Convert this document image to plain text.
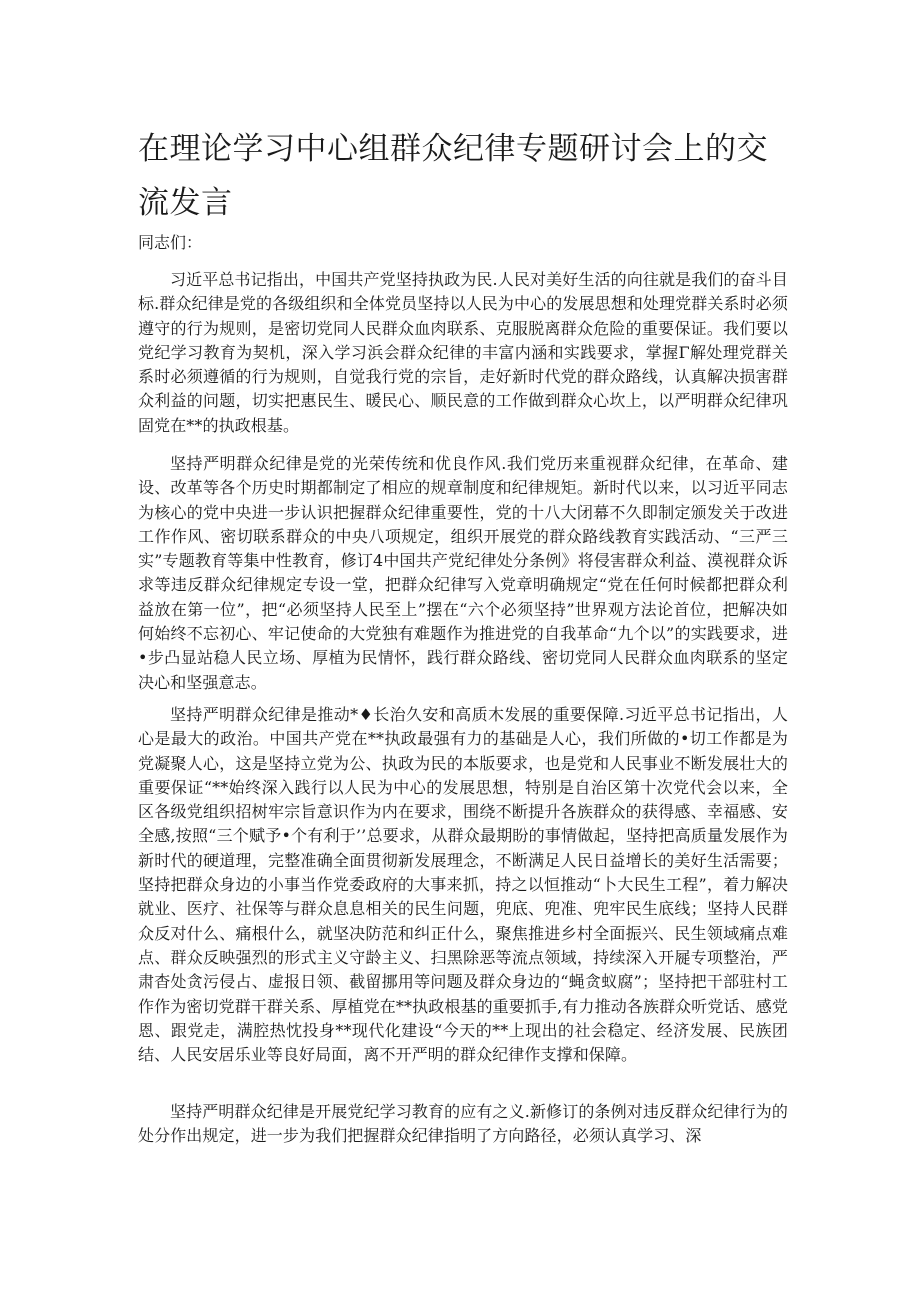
在理论学习中心组群众纪律专题研讨会上的交流发言

同志们：

习近平总书记指出，中国共产党坚持执政为民.人民对美好生活的向往就是我们的奋斗目标.群众纪律是党的各级组织和全体党员坚持以人民为中心的发展思想和处理党群关系时必须遵守的行为规则，是密切党同人民群众血肉联系、克服脱离群众危险的重要保证。我们要以党纪学习教育为契机，深入学习浜会群众纪律的丰富内涵和实践要求，掌握Γ解处理党群关系时必须遵循的行为规则，自觉我行党的宗旨，走好新时代党的群众路线，认真解决损害群众利益的问题，切实把惠民生、暖民心、顺民意的工作做到群众心坎上，以严明群众纪律巩固党在**的执政根基。

坚持严明群众纪律是党的光荣传统和优良作风.我们党历来重视群众纪律，在革命、建设、改革等各个历史时期都制定了相应的规章制度和纪律规矩。新时代以来，以习近平同志为核心的党中央进一步认识把握群众纪律重要性，党的十八大闭幕不久即制定颁发关于改进工作作风、密切联系群众的中央八项规定，组织开展党的群众路线教育实践活动、“三严三实”专题教育等集中性教育，修订4中国共产党纪律处分条例》将侵害群众利益、漠视群众诉求等违反群众纪律规定专设一堂，把群众纪律写入党章明确规定“党在任何时候都把群众利益放在第一位”，把“必须坚持人民至上”摆在“六个必须坚持”世界观方法论首位，把解决如何始终不忘初心、牢记使命的大党独有难题作为推进党的自我革命“九个以”的实践要求，进•步凸显站稳人民立场、厚植为民情怀，践行群众路线、密切党同人民群众血肉联系的坚定决心和坚强意志。

坚持严明群众纪律是推动*♦长治久安和高质木发展的重要保障.习近平总书记指出，人心是最大的政治。中国共产党在**执政最强有力的基础是人心，我们所做的•切工作都是为党凝聚人心，这是坚持立党为公、执政为民的本版要求，也是党和人民事业不断发展壮大的重要保证“**始终深入践行以人民为中心的发展思想，特别是自治区第十次党代会以来，全区各级党组织招树牢宗旨意识作为内在要求，围绕不断提升各族群众的获得感、幸福感、安全感,按照“三个赋予•个有利于’’总要求，从群众最期盼的事情做起，坚持把高质量发展作为新时代的硬道理，完整准确全面贯彻新发展理念，不断满足人民日益增长的美好生活需要；坚持把群众身边的小事当作党委政府的大事来抓，持之以恒推动“卜大民生工程”，着力解决就业、医疗、社保等与群众息息相关的民生问题，兜底、兜准、兜牢民生底线；坚持人民群众反对什么、痛根什么，就坚决防范和纠正什么，聚焦推进乡村全面振兴、民生领域痛点难点、群众反映强烈的形式主义守龄主义、扫黑除恶等流点领域，持续深入开屣专项整治，严肃杳处贪污侵占、虚报日领、截留挪用等问题及群众身边的“蝇贪蚁腐”；坚持把干部驻村工作作为密切党群干群关系、厚植党在**执政根基的重要抓手,有力推动各族群众听党话、感党恩、跟党走，满腔热忱投身**现代化建设“今天的**上现出的社会稳定、经济发展、民族团结、人民安居乐业等良好局面，离不开严明的群众纪律作支撑和保障。

坚持严明群众纪律是开展党纪学习教育的应有之义.新修订的条例对违反群众纪律行为的处分作出规定，进一步为我们把握群众纪律指明了方向路径，必须认真学习、深
